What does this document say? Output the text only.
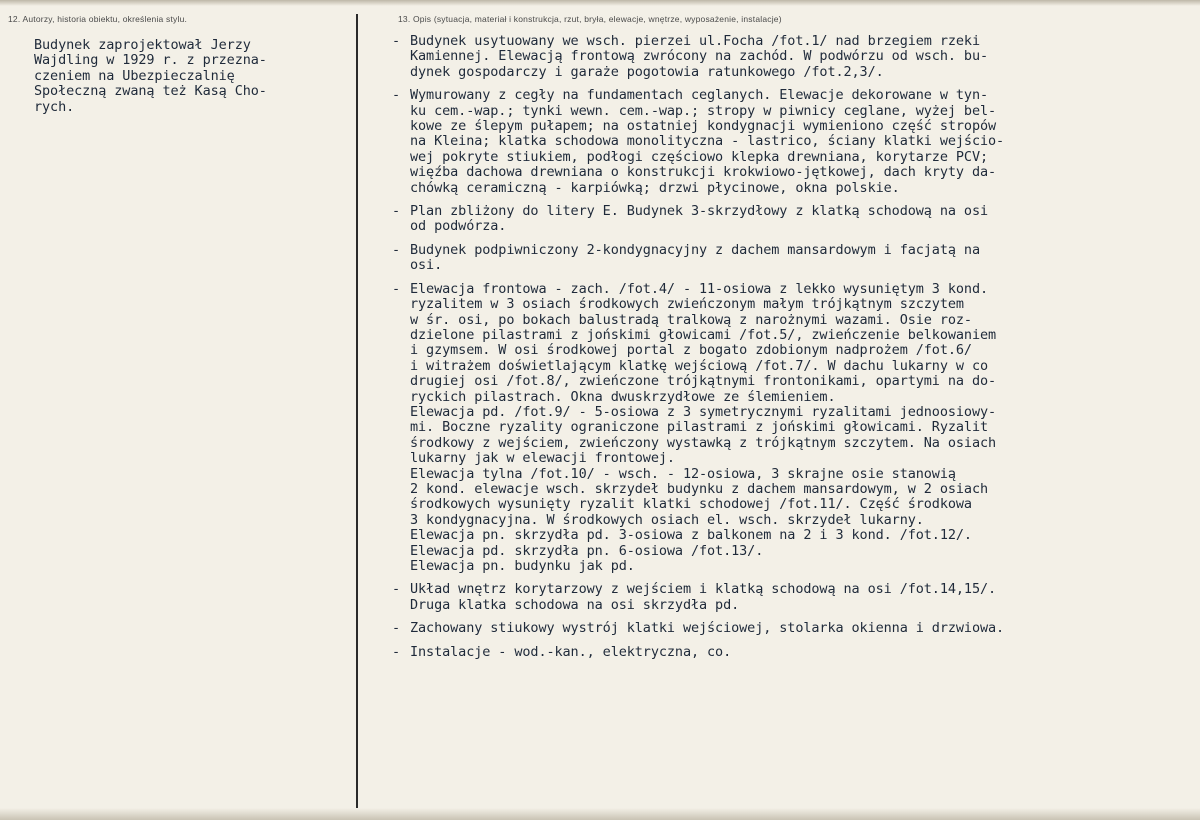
12. Autorzy, historia obiektu, określenia stylu.	13. Opis (sytuacja, materiał i konstrukcja, rzut, bryła, elewacje, wnętrze, wyposażenie, instalacje)
Budynek zaprojektował Jerzy
Wajdling w 1929 r. z przezna-
czeniem na Ubezpieczalnię
Społeczną zwaną też Kasą Cho-
rych.
- Budynek usytuowany we wsch. pierzei ul.Focha /fot.1/ nad brzegiem rzeki
Kamiennej. Elewacją frontową zwrócony na zachód. W podwórzu od wsch. bu-
dynek gospodarczy i garaże pogotowia ratunkowego /fot.2,3/.
- Wymurowany z cegły na fundamentach ceglanych. Elewacje dekorowane w tyn-
ku cem.-wap.; tynki wewn. cem.-wap.; stropy w piwnicy ceglane, wyżej bel-
kowe ze ślepym pułapem; na ostatniej kondygnacji wymieniono część stropów
na Kleina; klatka schodowa monolityczna - lastrico, ściany klatki wejścio-
wej pokryte stiukiem, podłogi częściowo klepka drewniana, korytarze PCV;
więźba dachowa drewniana o konstrukcji krokwiowo-jętkowej, dach kryty da-
chówką ceramiczną - karpiówką; drzwi płycinowe, okna polskie.
- Plan zbliżony do litery E. Budynek 3-skrzydłowy z klatką schodową na osi
od podwórza.
- Budynek podpiwniczony 2-kondygnacyjny z dachem mansardowym i facjatą na
osi.
- Elewacja frontowa - zach. /fot.4/ - 11-osiowa z lekko wysuniętym 3 kond.
ryzalitem w 3 osiach środkowych zwieńczonym małym trójkątnym szczytem
w śr. osi, po bokach balustradą tralkową z narożnymi wazami. Osie roz-
dzielone pilastrami z jońskimi głowicami /fot.5/, zwieńczenie belkowaniem
i gzymsem. W osi środkowej portal z bogato zdobionym nadprożem /fot.6/
i witrażem doświetlającym klatkę wejściową /fot.7/. W dachu lukarny w co
drugiej osi /fot.8/, zwieńczone trójkątnymi frontonikami, opartymi na do-
ryckich pilastrach. Okna dwuskrzydłowe ze ślemieniem.
Elewacja pd. /fot.9/ - 5-osiowa z 3 symetrycznymi ryzalitami jednoosiowy-
mi. Boczne ryzality ograniczone pilastrami z jońskimi głowicami. Ryzalit
środkowy z wejściem, zwieńczony wystawką z trójkątnym szczytem. Na osiach
lukarny jak w elewacji frontowej.
Elewacja tylna /fot.10/ - wsch. - 12-osiowa, 3 skrajne osie stanowią
2 kond. elewacje wsch. skrzydeł budynku z dachem mansardowym, w 2 osiach
środkowych wysunięty ryzalit klatki schodowej /fot.11/. Część środkowa
3 kondygnacyjna. W środkowych osiach el. wsch. skrzydeł lukarny.
Elewacja pn. skrzydła pd. 3-osiowa z balkonem na 2 i 3 kond. /fot.12/.
Elewacja pd. skrzydła pn. 6-osiowa /fot.13/.
Elewacja pn. budynku jak pd.
- Układ wnętrz korytarzowy z wejściem i klatką schodową na osi /fot.14,15/.
Druga klatka schodowa na osi skrzydła pd.
- Zachowany stiukowy wystrój klatki wejściowej, stolarka okienna i drzwiowa.
- Instalacje - wod.-kan., elektryczna, co.
